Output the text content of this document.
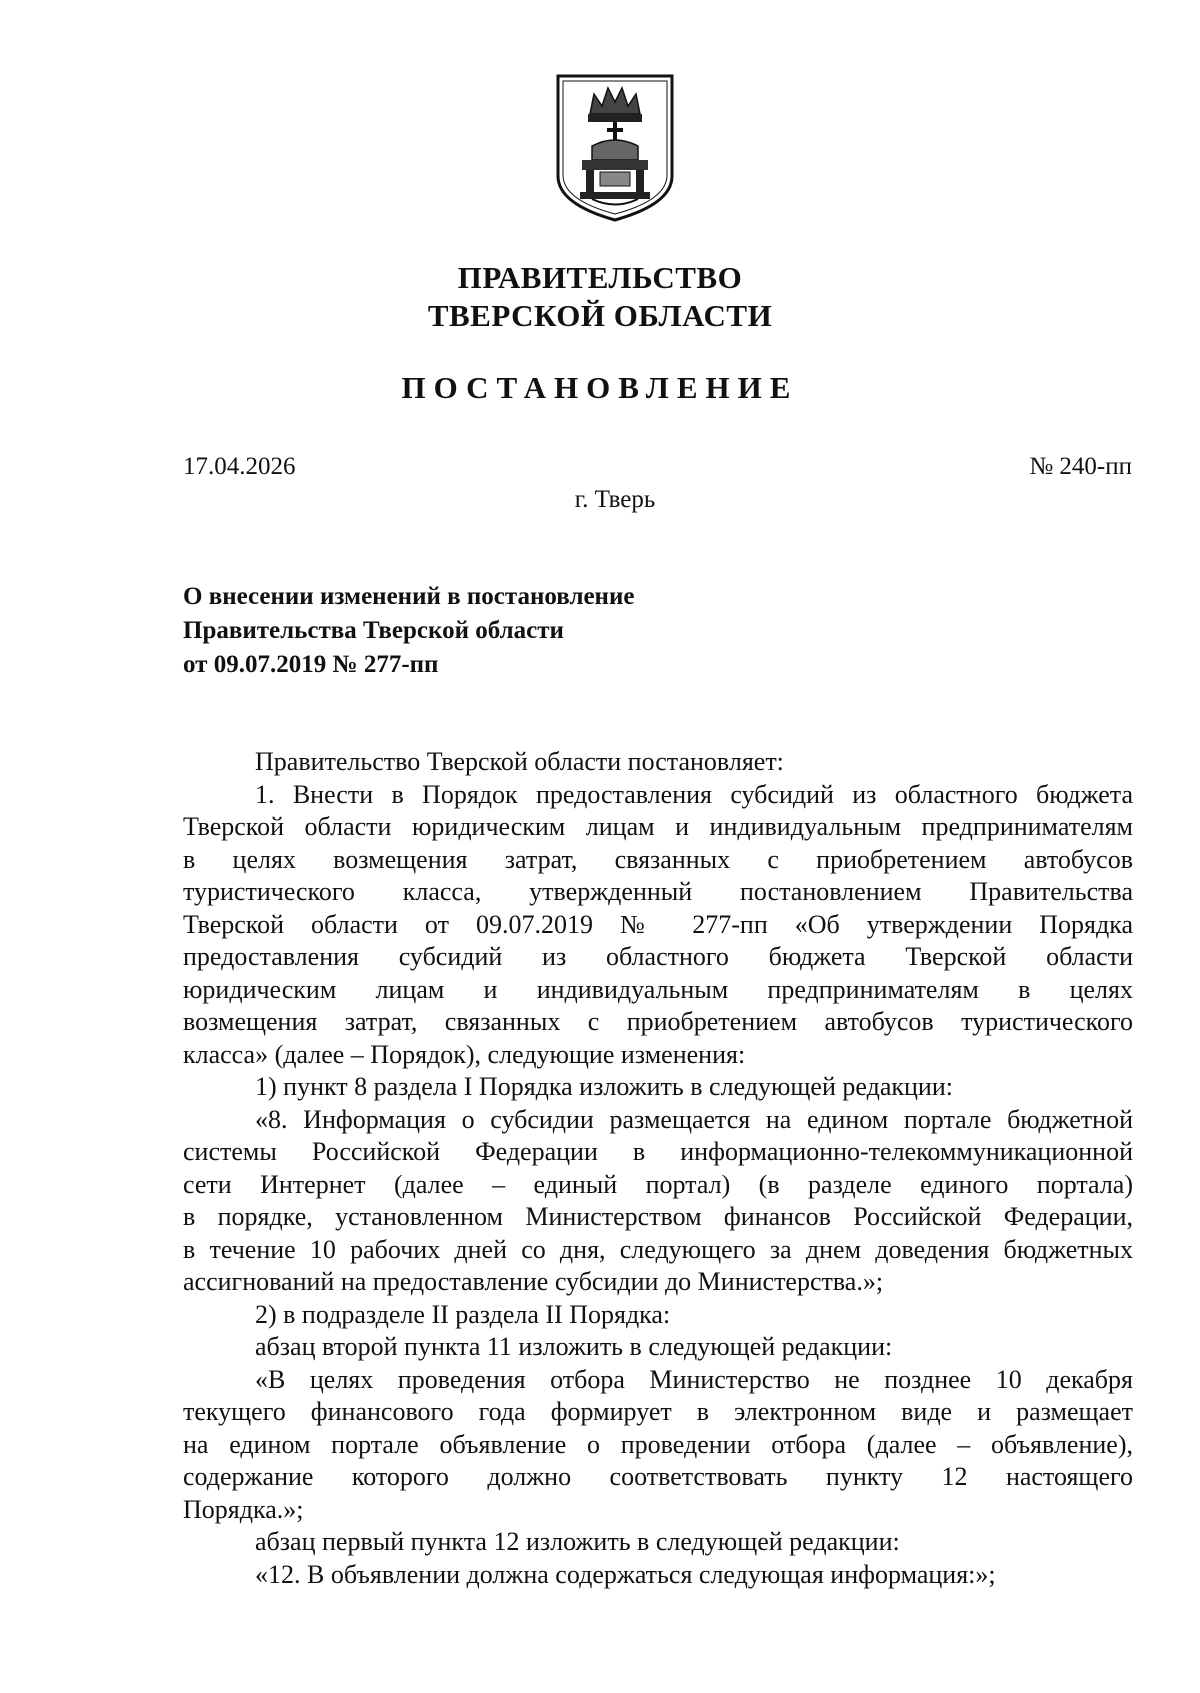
ПРАВИТЕЛЬСТВО
ТВЕРСКОЙ ОБЛАСТИ
ПОСТАНОВЛЕНИЕ
17.04.2026	№ 240-пп
г. Тверь
О внесении изменений в постановление
Правительства Тверской области
от 09.07.2019 № 277-пп

Правительство Тверской области постановляет:

1. Внести в Порядок предоставления субсидий из областного бюджета
Тверской области юридическим лицам и индивидуальным предпринимателям
в целях возмещения затрат, связанных с приобретением автобусов
туристического класса, утвержденный постановлением Правительства
Тверской области от 09.07.2019 № 277-пп «Об утверждении Порядка
предоставления субсидий из областного бюджета Тверской области
юридическим лицам и индивидуальным предпринимателям в целях
возмещения затрат, связанных с приобретением автобусов туристического
класса» (далее – Порядок), следующие изменения:

1) пункт 8 раздела I Порядка изложить в следующей редакции:

«8. Информация о субсидии размещается на едином портале бюджетной
системы Российской Федерации в информационно-телекоммуникационной
сети Интернет (далее – единый портал) (в разделе единого портала)
в порядке, установленном Министерством финансов Российской Федерации,
в течение 10 рабочих дней со дня, следующего за днем доведения бюджетных
ассигнований на предоставление субсидии до Министерства.»;

2) в подразделе II раздела II Порядка:

абзац второй пункта 11 изложить в следующей редакции:

«В целях проведения отбора Министерство не позднее 10 декабря
текущего финансового года формирует в электронном виде и размещает
на едином портале объявление о проведении отбора (далее – объявление),
содержание которого должно соответствовать пункту 12 настоящего
Порядка.»;

абзац первый пункта 12 изложить в следующей редакции:

«12. В объявлении должна содержаться следующая информация:»;
